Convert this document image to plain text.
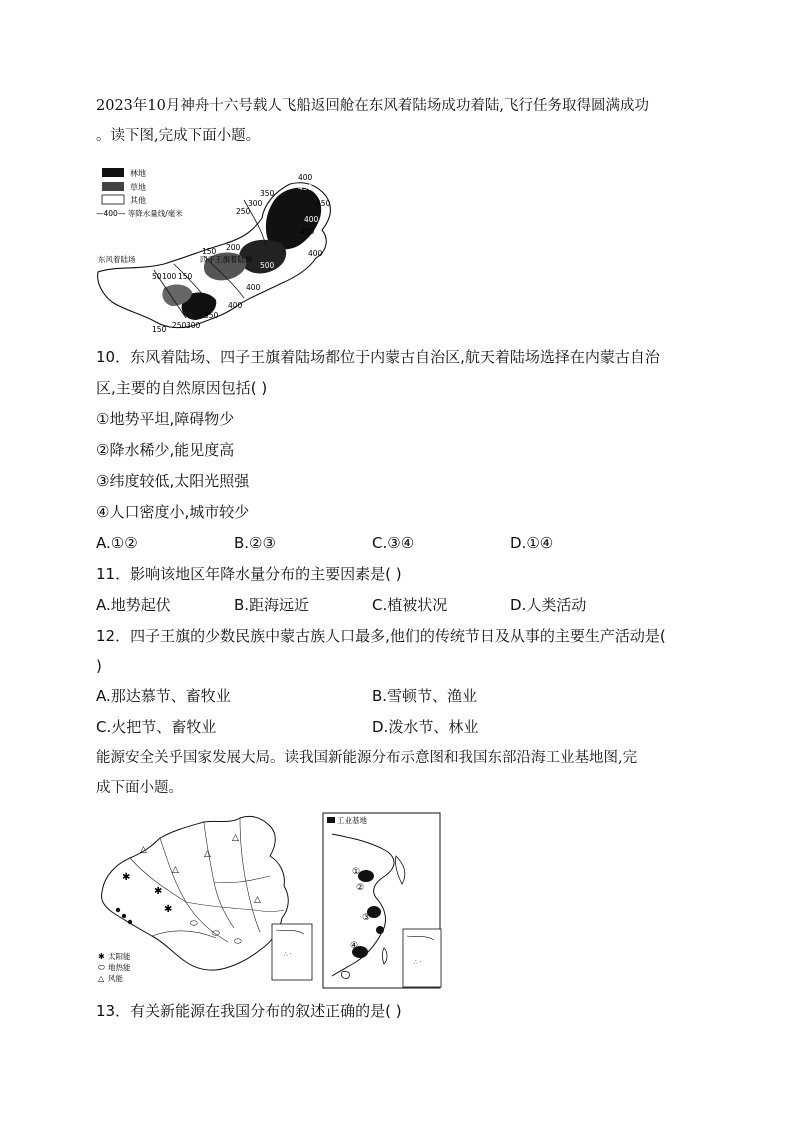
2023年10月神舟十六号载人飞船返回舱在东风着陆场成功着陆,飞行任务取得圆满成功
。读下图,完成下面小题。
林地
草地
其他
—400— 等降水量线/毫米
400
450
350
450
300
250
400
450
150 200
400
500
50 100 150
400
350
250 300
150
400
东风着陆场	四子王旗着陆场
10．东风着陆场、四子王旗着陆场都位于内蒙古自治区,航天着陆场选择在内蒙古自治
区,主要的自然原因包括( )
①地势平坦,障碍物少
②降水稀少,能见度高
③纬度较低,太阳光照强
④人口密度小,城市较少
A.①②	B.②③	C.③④	D.①④
11．影响该地区年降水量分布的主要因素是( )
A.地势起伏	B.距海远近	C.植被状况	D.人类活动
12．四子王旗的少数民族中蒙古族人口最多,他们的传统节日及从事的主要生产活动是(
)
A.那达慕节、畜牧业	B.雪顿节、渔业
C.火把节、畜牧业	D.泼水节、林业
能源安全关乎国家发展大局。读我国新能源分布示意图和我国东部沿海工业基地图,完
成下面小题。
✱
✱
✱
△
△
△
△
△
⬭
⬭
⬭
∴ ·
✱ 太阳能
⬭ 地热能
△ 风能
工业基地
①
②
③
④
∴ ·
13．有关新能源在我国分布的叙述正确的是( )
